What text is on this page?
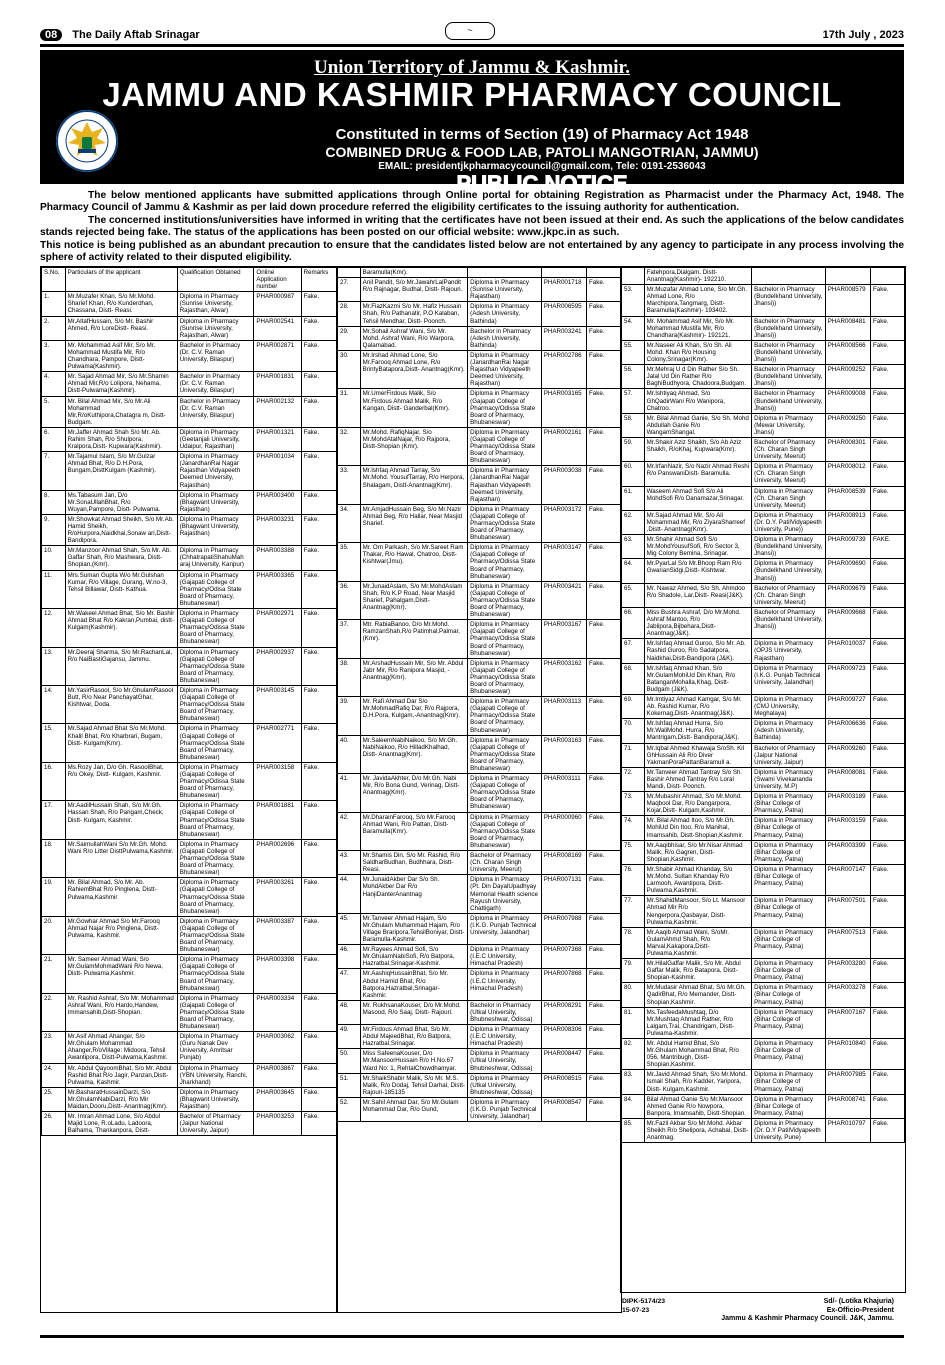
08	The Daily Aftab Srinagar	17th July , 2023
~
Union Territory of Jammu & Kashmir.
JAMMU AND KASHMIR PHARMACY COUNCIL
Constituted in terms of Section (19) of Pharmacy Act 1948
COMBINED DRUG & FOOD LAB, PATOLI MANGOTRIAN, JAMMU)
EMAIL: presidentjkpharmacycouncil@gmail.com, Tele: 0191-2536043
PUBLIC NOTICE

The below mentioned applicants have submitted applications through Online portal for obtaining Registration as Pharmacist under the Pharmacy Act, 1948. The Pharmacy Council of Jammu & Kashmir as per laid down procedure referred the eligibility certificates to the issuing authority for authentication.

The concerned institutions/universities have informed in writing that the certificates have not been issued at their end. As such the applications of the below candidates stands rejected being fake. The status of the applications has been posted on our official website: www.jkpc.in as such.

This notice is being published as an abundant precaution to ensure that the candidates listed below are not entertained by any agency to participate in any process involving the sphere of activity related to their disputed eligibility.

S.No.	Particulars of the applicant	Qualification Obtained	Online Application number	Remarks
1.	Mr.Muzafer Khan, S/o Mr.Mohd. Sharief Khan, R/o Kunderdhan, Chassana, Distt- Reasi.	Diploma in Pharmacy (Sunrise University, Rajasthan, Alwar)	PHAR000987	Fake.
2.	Mr.AltafHussain, S/o Mr. Bashir Ahmed, R/o LoreDistt- Reasi.	Diploma in Pharmacy (Sunrise University, Rajasthan, Alwar)	PHAR002541	Fake.
3.	Mr. Mohammad Asif Mir, S/o Mr. Mohammad Mustifa Mir, R/o Chandhara, Pampore, Distt- Pulwama(Kashmir).	Bachelor in Pharmacy (Dr. C.V. Raman University, Bilaspur)	PHAR002871	Fake.
4.	Mr. Sajad Ahmad Mir, S/o Mr.Shamin Ahmad Mir,R/o Lolipora, Nehama, Distt-Pulwama(Kashmir).	Bachelor in Pharmacy (Dr. C.V. Raman University, Bilaspur)	PHAR001831	Fake.
5.	Mr. Bilal Ahmad Mir, S/o Mr.Ali Mohammad Mir,R/oKuthipora,Chatagra m, Distt-Budgam.	Bachelor in Pharmacy (Dr. C.V. Raman University, Bilaspur)	PHAR002132	Fake.
6.	Mr.Jaffer Ahmad Shah S/o Mr. Ab. Rahim Shah, R/o Shulpora, Kralpora,Distt- Kupwara(Kashmir).	Diploma in Pharmacy (Geetanjali University, Udaipur, Rajasthan)	PHAR001321	Fake.
7.	Mr.Tajamul Islam, S/o Mr.Gulzar Ahmad Bhat, R/o D.H.Pora, Bungam,DisttKulgam (Kashmir).	Diploma in Pharmacy (JanardhanRai Nagar Rajasthan Vidyapeeth Deemed University, Rajasthan)	PHAR001034	Fake.
8.	Ms.Tabasum Jan, D/o Mr.SonaUllahBhat, R/o Wuyan,Pampore, Distt- Pulwama.	Diploma in Pharmacy (Bhagwant University, Rajasthan)	PHAR003400	Fake.
9.	Mr.Showkat Ahmad Sheikh, S/o Mr.Ab. Hamid Sheikh, R/oHurpora,Naidkhai,Sonaw ari,Distt-Bandipora.	Diploma in Pharmacy (Bhagwant University, Rajasthan)	PHAR003231	Fake.
10.	Mr.Manzoor Ahmad Shah, S/o Mr. Ab. Gaffar Shah, R/o Mashwara, Distt- Shopian,(Kmr).	Diploma in Pharmacy (ChhatrapatiShahuMah araj University, Kanpur)	PHAR003388	Fake.
11.	Mrs.Suman Gupta W/o Mr.Gulshan Kumar, R/o Village, Durang, W.no-3, Tehsil Billawar, Distt- Kathua.	Diploma in Pharmacy (Gajapati College of Pharmacy/Odisa State Board of Pharmacy, Bhubaneswar)	PHAR003365	Fake.
12.	Mr.Wakeel Ahmad Bhat, S/o Mr. Bashir Ahmad Bhat R/o Kakran,Pumbai, distt- Kulgam(Kashmir).	Diploma in Pharmacy (Gajapati College of Pharmacy/Odissa State Board of Pharmacy, Bhubaneswar)	PHAR002971	Fake.
13.	Mr.Deeraj Sharma, S/o Mr.RachanLal, R/o NaiBastiGajansu, Jammu.	Diploma in Pharmacy (Gajapati College of Pharmacy/Odissa State Board of Pharmacy, Bhubaneswar)	PHAR002937	Fake.
14.	Mr.YasirRasool, S/o Mr.GhulamRasool Butt, R/o Near PanchayatGhar, Kishtwar, Doda.	Diploma in Pharmacy (Gajapati College of Pharmacy/Odissa State Board of Pharmacy, Bhubaneswar)	PHAR003145	Fake.
15.	Mr.Sajad Ahmad Bhat S/o Mr.Mohd. Khalil Bhat, R/o Kharbrari, Bugam, Distt- Kulgam(Kmr).	Diploma in Pharmacy (Gajapati College of Pharmacy/Odissa State Board of Pharmacy, Bhubaneswar)	PHAR002771	Fake.
16.	Ms.Rozy Jan, D/o Gh. RasoolBhat, R/o Okey, Distt- Kulgam, Kashmir.	Diploma in Pharmacy (Gajapati College of Pharmacy/Odissa State Board of Pharmacy, Bhubaneswar)	PHAR003158	Fake.
17.	Mr.AadilHussain Shah, S/o Mr.Gh. Hassan Shah, R/o Parigam,Check, Distt- Kulgam, Kashmir.	Diploma in Pharmacy (Gajapati College of Pharmacy/Odissa State Board of Pharmacy, Bhubaneswar)	PHAR001881	Fake.
18.	Mr.SaimullahWani S/o Mr.Gh. Mohd. Wani R/o Litter DisttPulwama,Kashmir.	Diploma in Pharmacy (Gajapati College of Pharmacy/Odissa State Board of Pharmacy, Bhubaneswar)	PHAR002696	Fake.
19.	Mr. Bilal Ahmad, S/o Mr. Ab. RahiemBhat R/o Pinglena, Distt- Pulwama,Kashmir	Diploma in Pharmacy (Gajapati College of Pharmacy/Odissa State Board of Pharmacy, Bhubaneswar)	PHAR003261	Fake.
20.	Mr.Gowhar Ahmad S/o Mr.Farooq Ahmad Najar R/o Pinglena, Distt- Pulwama, Kashmir.	Diploma in Pharmacy (Gajapati College of Pharmacy/Odissa State Board of Pharmacy, Bhubaneswar)	PHAR003387	Fake.
21.	Mr. Sameer Ahmad Wani, S/o Mr.GulamMohmadWani R/o Newa, Distt- Pulwama,Kashmir.	Diploma in Pharmacy (Gajapati College of Pharmacy/Odissa State Board of Pharmacy, Bhubaneswar)	PHAR003398	Fake.
22.	Mr. Rashid Ashraf, S/o Mr. Mohammad Ashraf Wani, R/o Hardo,Handew, Immansahib,Distt-Shopian.	Diploma in Pharmacy (Gajapati College of Pharmacy/Odissa State Board of Pharmacy, Bhubaneswar)	PHAR003334	Fake.
23.	Mr.Asif Ahmad Ahanger, S/o Mr.Ghulam Mohammad Ahanger,R/oVillage: Midoora, Tehsil Awantipora, Distt-Pulwama,Kashmir.	Diploma in Pharmacy (Guru Nanak Dev University, Amritsar Punjab)	PHAR003062	Fake.
24.	Mr. Abdul QayoomBhat, S/o Mr. Abdul Rashid Bhat R/o Jagir, Panzan,Distt- Pulwama, Kashmir.	Diploma in Pharmacy (YBN University, Ranchi, Jharkhand)	PHAR003867	Fake.
25.	Mr.BasharatHussainDarzi, S/o Mr.GhulamNabiDarzi, R/o Mir Maidan,Dooru,Distt- Anantnag(Kmr).	Diploma in Pharmacy (Bhagwant University, Rajasthan)	PHAR003645	Fake.
26.	Mr. Imran Ahmad Lone, S/o Abdul Majid Lone, R.oLadu, Ladoora, Balhama, Thankanpora, Distt-	Bachelor of Pharmacy (Jaipur National University, Jaipur)	PHAR003253	Fake.
	Baramulla(Kmr).			
27.	Anil Pandit, S/o Mr.JawahrLalPandit R/o Rajnagar, Budhal, Distt- Rajouri.	Diploma in Pharmacy (Sunrise University, Rajasthan)	PHAR001718	Fake.
28.	Mr.FiazKazmi S/o Mr. Hafiz Hussain Shah, R/o Pathanatir, P.O Kalaban, Tehsil Mendhar, Distt- Poonch.	Diploma in Pharmacy (Adesh University, Bathinda)	PHAR006595	Fake.
29.	Mr.Sohail Ashraf Wani, S/o Mr. Mohd. Ashraf Wani, R/o Warpora, Qalamabad.	Bachelor in Pharmacy (Adesh University, Bathinda)	PHAR003241	Fake.
30.	Mr.Irshad Ahmad Lone, S/o Mr.Farooq Ahmad Lone, R/o BrintyBatapora,Distt- Anantnag(Kmr).	Diploma in Pharmacy (JanardhanRai Nagar Rajasthan Vidyapeeth Deemed University, Rajasthan)	PHAR002786	Fake.
31.	Mr.UmerFirdous Malik, S/o Mr.Firdous Ahmad Malik, R/o Kangan, Distt- Ganderbal(Kmr).	Diploma in Pharmacy (Gajapati College of Pharmacy/Odissa State Board of Pharmacy, Bhubaneswar)	PHAR003165	Fake.
32.	Mr.Mohd. RafiqNajar, S/o Mr.MohdAtalNajar, R/o Rajpora, Distt-Shopian (Kmr).	Diploma in Pharmacy (Gajapati College of Pharmacy/Odissa State Board of Pharmacy, Bhubaneswar)	PHAR002161	Fake.
33.	Mr.Ishfaq Ahmad Tarray, S/o Mr.Mohd. YousufTarray, R/o Herpora, Shalagam, Distt-Anantnag(Kmr).	Diploma in Pharmacy (JanardhanRai Nagar Rajasthan Vidyapeeth Deemed University, Rajasthan)	PHAR003038	Fake.
34.	Mr.AmjadHussain Beg, S/o Mr.Nazir Ahmad Beg, R/o Hallar, Near Masjid Sharief.	Diploma in Pharmacy (Gajapati College of Pharmacy/Odissa State Board of Pharmacy, Bhubaneswar)	PHAR003172	Fake.
35.	Mr. Om Parkash, S/o Mr.Sareet Ram Thakar, R/o Hawal, Chatroo, Distt- Kishtwar(Jmu).	Diploma in Pharmacy (Gajapati College of Pharmacy/Odissa State Board of Pharmacy, Bhubaneswar)	PHAR003147	Fake.
36.	Mr.JunaidAslam, S/o Mr.MohdAslam Shah, R/o K.P Road, Near Masjid Sharief, Pahalgam,Distt- Anantnag(Kmr).	Diploma in Pharmacy (Gajapati College of Pharmacy/Odissa State Board of Pharmacy, Bhubaneswar)	PHAR003421	Fake.
37.	Mtr. RabiaBanoo, D/o Mr.Mohd. RamzanShah,R/o Patimhal,Palmar,(Kmr).	Diploma in Pharmacy (Gajapati College of Pharmacy/Odissa State Board of Pharmacy, Bhubaneswar)	PHAR003167	Fake.
38.	Mr.ArshadHussain Mir, S/o Mr. Abdul Jabr Mir, R/o Ranipora Masjid, - Anantnag(Kmr).	Diploma in Pharmacy (Gajapati College of Pharmacy/Odissa State Board of Pharmacy, Bhubaneswar)	PHAR003162	Fake.
39.	Mr. Rafi Ahmad Dar S/o Mr.MohmadRafiq Dar, R/o Rajpora, D.H.Pora, Kulgam,-Anantnag(Kmr).	Diploma in Pharmacy (Gajapati College of Pharmacy/Odissa State Board of Pharmacy, Bhubaneswar)	PHAR003113	Fake.
40.	Mr.SaleemNabiNaikoo, S/o Mr.Gh. NabiNaikoo, R/o HilladKhalhad, Distt- Anantnag(Kmr).	Diploma in Pharmacy (Gajapati College of Pharmacy/Odissa State Board of Pharmacy, Bhubaneswar)	PHAR003163	Fake.
41.	Mr. JavidaAkhter, D/o Mr.Gh. Nabi Mir, R/o Bona Gund, Verinag, Distt- Anantnag(Kmr).	Diploma in Pharmacy (Gajapati College of Pharmacy/Odissa State Board of Pharmacy, Bhubaneswar)	PHAR003111	Fake.
42.	Mr.DharainFarooq, S/o Mr.Farooq Ahmad Wani, R/o Pattan, Distt- Baramulla(Kmr).	Diploma in Pharmacy (Gajapati College of Pharmacy/Odissa State Board of Pharmacy, Bhubaneswar)	PHAR000960	Fake.
43.	Mr.Shamis Din, S/o Mr. Rashid, R/o SaldharBudhan, Budhhara, Distt-Reasi.	Bachelor of Pharmacy (Ch. Charan Singh University, Meerut)	PHAR008169	Fake.
44.	Mr.JunaidAkber Dar S/o Sh. MohdAkber Dar R/o HanjiDanterAnantnag	Diploma in Pharmacy (Pt. Din DayalUpadhyay Memorial Health science Rayush University, Chattigarh)	PHAR007131	Fake.
45.	Mr.Tanveer Ahmad Hajam, S/o Mr.Ghulam Muhammad Hajam, R/o Village Braripora,TehsilBoniyar, Distt-Baramulla-Kashmir.	Diploma in Pharmacy (I.K.G. Punjab Technical University, Jalandhar)	PHAR007988	Fake.
46.	Mr.Rayees Ahmad Sofi, S/o Mr.GhulamNabiSofi, R/o Batpora, Hazratbal,Srinagar-Kashmir.	Diploma in Pharmacy (I.E.C University, Himachal Pradesh)	PHAR007368	Fake.
47.	Mr.AashiqHussainBhat, S/o Mr. Abdul Hamid Bhat, R/o Batpora,Hazratbal,Srinagar- Kashmir.	Diploma in Pharmacy (I.E.C University, Himachal Pradesh)	PHAR007868	Fake.
48.	Mr. RukhsanaKouser, D/o Mr.Mohd. Masood, R/o Saaj, Distt- Rajouri.	Bachelor in Pharmacy (Utkal University, Bhubneshwar, Odissa)	PHAR008291	Fake.
49.	Mr.Firdous Ahmad Bhat, S/o Mr. Abdul MajeedBhat, R/o Batpora, Hazratbal,Srinagar.	Diploma in Pharmacy (I.E.C University, Himachal Pradesh)	PHAR008306	Fake.
50.	Miss SafeenaKouser, D/o Mr.MansoorHussain R/o H.No.67 Ward No: 1, RehtalChowdhamyar.	Diploma in Pharmacy (Utkal University, Bhubneshwar, Odissa)	PHAR008447	Fake.
51.	Mr.ShaikShabir Malik, S/o Mr. M.S. Malik, R/o Dodaj, Tehsil Darhal, Distt-Rajouri-185135	Diploma in Pharmacy (Utkal University, Bhubneshwar, Odissa)	PHAR008515	Fake.
52.	Mr.Sahil Ahmad Dar, S/o Mr.Gulam Mohammad Dar, R/o Gund,	Diploma in Pharmacy (I.K.G. Punjab Technical University, Jalandhar)	PHAR008547	Fake.
	Fatehpora,Dialgam, Distt-Anantnag(Kashmir)- 192210.			
53.	Mr.Muzafar Ahmad Lone, S/o Mr.Gh. Ahmad Lone, R/o Marchipora,Tangmarg, Distt-Baramulla(Kashmir)- 193402.	Bachelor in Pharmacy (Bundelkhand University, Jhansi))	PHAR008579	Fake.
54.	Mr. Mohammad Asif Mir, S/o Mr. Mohammad Mustifa Mir, R/o Chandhara(Kashmir)- 192121.	Bachelor in Pharmacy (Bundelkhand University, Jhansi))	PHAR008481	Fake.
55.	Mr.Naseer Ali Khan, S/o Sh. Ali Mohd. Khan R/o Housing Colony,Srinagar(Kmr).	Bachelor in Pharmacy (Bundelkhand University, Jhansi))	PHAR008566	Fake.
56.	Mr.Mehraj U d Din Rather S/o Sh. Jalal Ud Din Rather R/o BaghiBudhyora, Chadoora,Budgam.	Bachelor in Pharmacy (Bundelkhand University, Jhansi))	PHAR009252	Fake.
57.	Mr.Ishtiyaq Ahmad, S/o GhQadirWani R/o Wanipora, Chatroo.	Bachelor in Pharmacy (Bundelkhand University, Jhansi))	PHAR009008	Fake.
58.	Mr. Bilal Ahmad Ganie, S/o Sh. Mohd Abdullah Ganie R/o WangamShangal.	Diploma in Pharmacy (Mewar University, Jhansi)	PHAR009250	Fake.
59.	Mr.Shakir Aziz Shaikh, S/o Ab Aziz Shaikh, R/oKhaj, Kupwara(Kmr).	Bachelor of Pharmacy (Ch. Charan Singh University, Meerut)	PHAR008301	Fake.
60.	Mr.IrfanNazir, S/o Nazir Ahmad Reshi R/o PanswaniDistt- Baramulla.	Diploma in Pharmacy (Ch. Charan Singh University, Meerut)	PHAR008012	Fake.
61.	Waseem Ahmad Sofi S/o Ali MohdSofi R/o Danamazar,Srinagar.	Diploma in Pharmacy (Ch. Charan Singh University, Meerut)	PHAR008539	Fake.
62.	Mr.Sajad Ahmad Mir, S/o Ali Mohammad Mir, R/o ZiyaraSharreef ,Distt- Anantnag(Kmr).	Diploma in Pharmacy (Dr. D.Y. PatilVidyapeeth University, Pune))	PHAR008913	Fake.
63.	Mr.Shahir Ahmad Sofi S/o Mr.MohdYousufSofi, R/o Sector 3, Mig Colony Bemina, Srinagar.	Diploma in Pharmacy (Bundelkhand University, Jhansi))	PHAR009739	FAKE.
64.	Mr.PyarLal S/o Mr.Bhoop Ram R/o GwarianSidgi,Distt- Kishtwar.	Diploma in Pharmacy (Bundelkhand University, Jhansi))	PHAR009690	Fake.
65.	Mr. Nawaz Ahmed, S/o Sh. Ahmdoo R/o Shadole, Lar,Distt- Reasi(J&K).	Bachelor of Pharmacy (Ch. Charan Singh University, Meerut)	PHAR009679	Fake.
66.	Miss Bushra Ashraf, D/o Mr.Mohd. Ashraf Mantoo, R/o Jablipora,Bijbehara,Distt- Anantnag(J&K).	Bachelor of Pharmacy (Bundelkhand University, Jhansi))	PHAR009668	Fake.
67.	Mr.Ishfaq Ahmad Guroo, S/o Mr. Ab. Rashid Guroo, R/o Sadatpora, Naidkhai,Distt-Bandipora (J&K).	Diploma in Pharmacy (OPJS University, Rajasthan)	PHAR010037	Fake.
68.	Mr.Ishfaq Ahmad Khan, S/o Mr.GulamMohiUd Din Khan, R/o BatanganMohalla,Khag, Distt-Budgam (J&K).	Diploma in Pharmacy (I.K.G. Punjab Technical University, Jalandhar)	PHAR009723	Fake.
69.	Mr.Imtiyaz Ahmad Kamgar, S/o Mr. Ab. Rashid Kumar, R/o Kokernag,Distt- Anantnag(J&K).	Diploma in Pharmacy (CMJ University, Meghalaya)	PHAR009727	Fake.
70.	Mr.Ishfaq Ahmad Hurra, S/o Mr.WaliMohd. Hurra, R/o Mantrigam,Distt- Bandipora(J&K).	Diploma in Pharmacy (Adesh University, Bathinda)	PHAR006636	Fake.
71.	Mr.Iqbal Ahmed Khawaja S/oSh. Kil GhHussain Ali R/o Diver YakmanPoraPattanBaramull a.	Bachelor of Pharmacy (Jaipur National University, Jaipur)	PHAR009260	Fake.
72.	Mr.Tanveer Ahmad Tantray S/o Sh. Bashir Ahmed Tantray R/o Loral Mandi, Distt- Poonch.	Diploma in Pharmacy (Swami Vivekananda University, M.P)	PHAR008081	Fake.
73.	Mr.Mubashir Ahmad, S/o Mr.Mohd. Maqbool Dar, R/o Dangarpora, Kojar,Distt- Kulgam,Kashmir.	Diploma in Pharmacy (Bihar College of Pharmacy, Patna)	PHAR003189	Fake.
74.	Mr. Bilal Ahmad Itoo, S/o Mr.Gh. MohiUd Din Itoo, R/o Manihal, Imamsahib, Distt-Shopian,Kashmir.	Diploma in Pharmacy (Bihar College of Pharmacy, Patna)	PHAR003159	Fake.
75.	Mr.Aaqibhisar, S/o Mr.Nisar Ahmad Malik, R/o Gagren, Distt- Shopian,Kashmir.	Diploma in Pharmacy (Bihar College of Pharmacy, Patna)	PHAR003399	Fake.
76.	Mr.Shabir Ahmad Khanday, S/o Mr.Mohd. Sultan Khanday R/o Larmooh, Awantipora, Distt-Pulwama,Kashmir.	Diploma in Pharmacy (Bihar College of Pharmacy, Patna)	PHAR007147	Fake.
77.	Mr.ShahidMansoor, S/o Lt. Mansoor Ahmad Mir R/o Nengerpora,Qasbayar, Distt-Pulwama,Kashmir.	Diploma in Pharmacy (Bihar College of Pharmacy, Patna)	PHAR007501	Fake.
78.	Mr.Aaqib Ahmad Wani, S/oMr. GulamAhmd Shah, R/o Marval,Kakapora,Distt- Pulwama,Kashmir.	Diploma in Pharmacy (Bihar College of Pharmacy, Patna)	PHAR007513	Fake.
79.	Mr.HilalGaffar Malik, S/o Mr. Abdul Gaffar Malik, R/o Batapora, Distt- Shopian-Kashmir.	Diploma in Pharmacy (Bihar College of Pharmacy, Patna)	PHAR003280	Fake.
80.	Mr.Mudasir Ahmad Bhat, S/o Mr.Gh. QadirBhat, R/o Memander, Distt- Shopian,Kashmir.	Diploma in Pharmacy (Bihar College of Pharmacy, Patna)	PHAR003278	Fake.
81.	Ms.TasfeedaMushtaq, D/o Mr.Mushtaq Ahmad Rather, R/o Lalgam,Tral, Chandrigam, Distt-Pulwama-Kashmir.	Diploma in Pharmacy (Bihar College of Pharmacy, Patna)	PHAR007167	Fake.
82.	Mr. Abdul Hamid Bhat, S/o Mr.Ghulam Mohammad Bhat, R/o 056, Mantribugh, Distt- Shopian,Kashmir.	Diploma in Pharmacy (Bihar College of Pharmacy, Patna)	PHAR010840	Fake.
83.	Mr.Javid Ahmad Shah, S/o Mr.Mohd. Ismail Shah, R/o Kadder, Yaripora, Distt- Kulgam,Kashmir.	Diploma in Pharmacy (Bihar College of Pharmacy, Patna)	PHAR007985	Fake.
84.	Bilal Ahmad Ganie S/o Mr.Mansoor Ahmed Ganie R/o Nowpora, Banpora, Imamsahib, Distt-Shopian.	Diploma in Pharmacy (Bihar College of Pharmacy, Patna)	PHAR008741	Fake.
85.	Mr.Fazil Akbar S/o Mr.Mohd. Akbar Sheikh R/o Shelipora, Achabal, Distt- Anantnag.	Diploma in Pharmacy (Dr. D.Y PatilVidyapeeth University, Pune)	PHAR010797	Fake.
DIPK-5174/23
15-07-23
Sd/- (Lotika Khajuria)
Ex-Officio-President
Jammu & Kashmir Pharmacy Council. J&K, Jammu.
